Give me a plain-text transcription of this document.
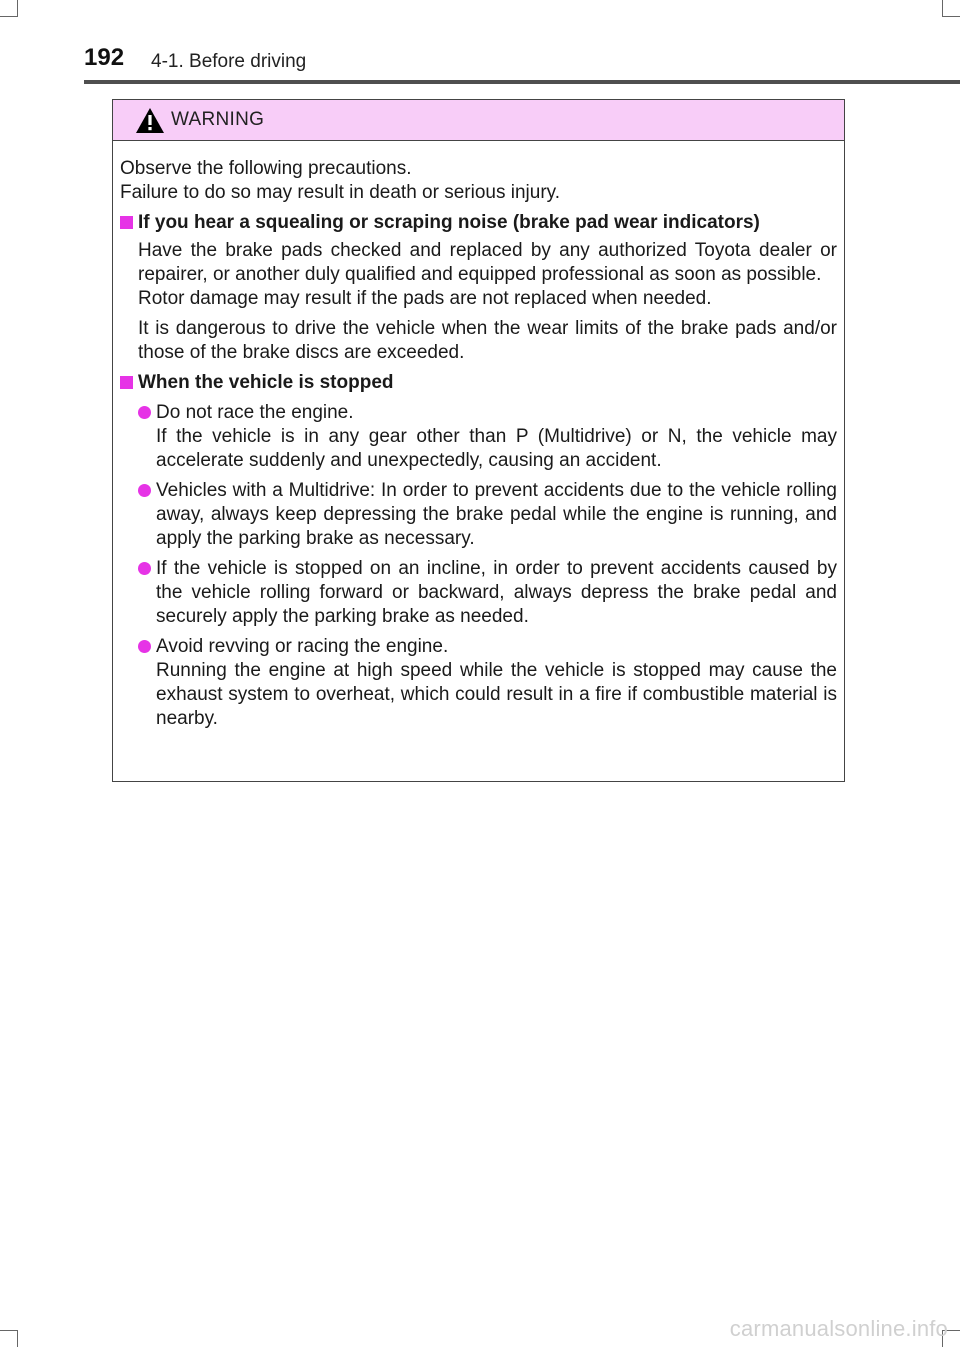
192 4-1. Before driving
WARNING

Observe the following precautions.

Failure to do so may result in death or serious injury.

If you hear a squealing or scraping noise (brake pad wear indicators)

Have the brake pads checked and replaced by any authorized Toyota dealer or repairer, or another duly qualified and equipped professional as soon as possible.

Rotor damage may result if the pads are not replaced when needed.

It is dangerous to drive the vehicle when the wear limits of the brake pads and/or those of the brake discs are exceeded.

When the vehicle is stopped

Do not race the engine.

If the vehicle is in any gear other than P (Multidrive) or N, the vehicle may accelerate suddenly and unexpectedly, causing an accident.

Vehicles with a Multidrive: In order to prevent accidents due to the vehicle rolling away, always keep depressing the brake pedal while the engine is running, and apply the parking brake as necessary.

If the vehicle is stopped on an incline, in order to prevent accidents caused by the vehicle rolling forward or backward, always depress the brake pedal and securely apply the parking brake as needed.

Avoid revving or racing the engine.

Running the engine at high speed while the vehicle is stopped may cause the exhaust system to overheat, which could result in a fire if combustible material is nearby.

carmanualsonline.info
